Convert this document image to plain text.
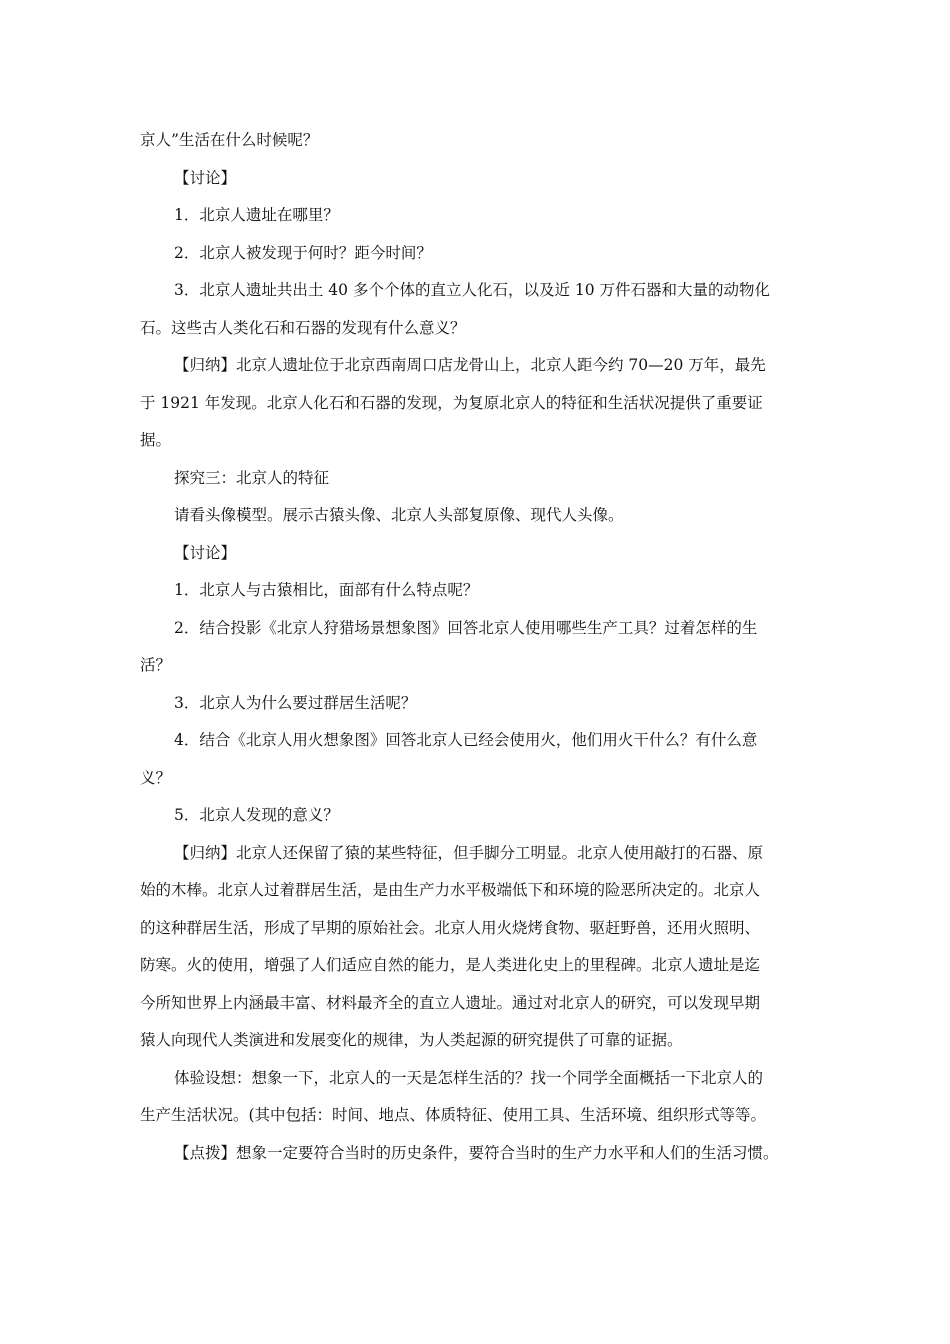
京人”生活在什么时候呢？

【讨论】

1．北京人遗址在哪里？

2．北京人被发现于何时？距今时间？

3．北京人遗址共出土 40 多个个体的直立人化石，以及近 10 万件石器和大量的动物化

石。这些古人类化石和石器的发现有什么意义？

【归纳】北京人遗址位于北京西南周口店龙骨山上，北京人距今约 70—20 万年，最先

于 1921 年发现。北京人化石和石器的发现，为复原北京人的特征和生活状况提供了重要证

据。

探究三：北京人的特征

请看头像模型。展示古猿头像、北京人头部复原像、现代人头像。

【讨论】

1．北京人与古猿相比，面部有什么特点呢？

2．结合投影《北京人狩猎场景想象图》回答北京人使用哪些生产工具？过着怎样的生

活？

3．北京人为什么要过群居生活呢？

4．结合《北京人用火想象图》回答北京人已经会使用火，他们用火干什么？有什么意

义？

5．北京人发现的意义？

【归纳】北京人还保留了猿的某些特征，但手脚分工明显。北京人使用敲打的石器、原

始的木棒。北京人过着群居生活，是由生产力水平极端低下和环境的险恶所决定的。北京人

的这种群居生活，形成了早期的原始社会。北京人用火烧烤食物、驱赶野兽，还用火照明、

防寒。火的使用，增强了人们适应自然的能力，是人类进化史上的里程碑。北京人遗址是迄

今所知世界上内涵最丰富、材料最齐全的直立人遗址。通过对北京人的研究，可以发现早期

猿人向现代人类演进和发展变化的规律，为人类起源的研究提供了可靠的证据。

体验设想：想象一下，北京人的一天是怎样生活的？找一个同学全面概括一下北京人的

生产生活状况。(其中包括：时间、地点、体质特征、使用工具、生活环境、组织形式等等。

【点拨】想象一定要符合当时的历史条件，要符合当时的生产力水平和人们的生活习惯。
